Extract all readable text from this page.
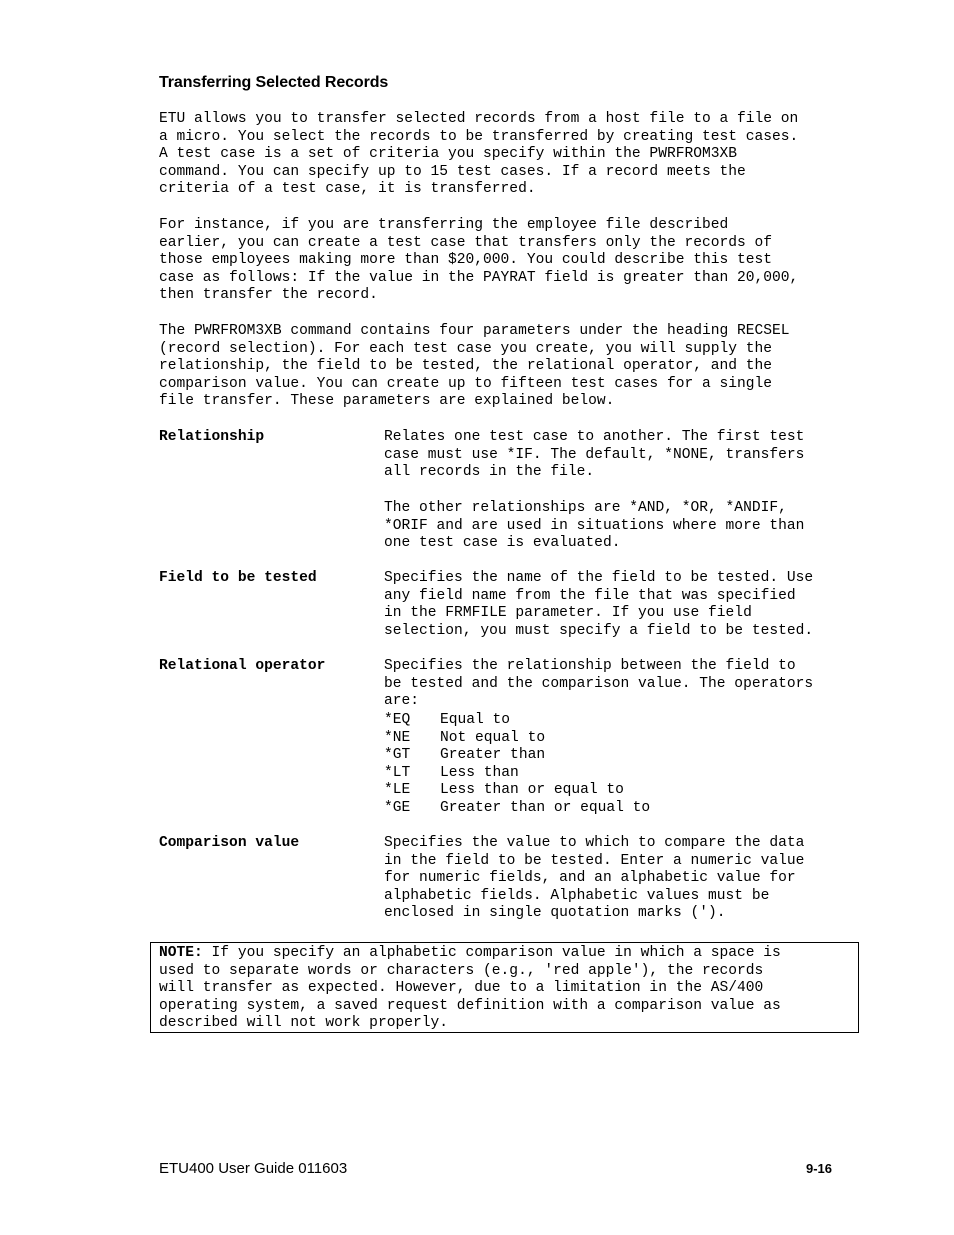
Transferring Selected Records

ETU allows you to transfer selected records from a host file to a file on
a micro. You select the records to be transferred by creating test cases.
A test case is a set of criteria you specify within the PWRFROM3XB
command. You can specify up to 15 test cases. If a record meets the
criteria of a test case, it is transferred.

For instance, if you are transferring the employee file described
earlier, you can create a test case that transfers only the records of
those employees making more than $20,000. You could describe this test
case as follows: If the value in the PAYRAT field is greater than 20,000,
then transfer the record.

The PWRFROM3XB command contains four parameters under the heading RECSEL
(record selection). For each test case you create, you will supply the
relationship, the field to be tested, the relational operator, and the
comparison value. You can create up to fifteen test cases for a single
file transfer. These parameters are explained below.

Relationship	Relates one test case to another. The first test
case must use *IF. The default, *NONE, transfers
all records in the file.

The other relationships are *AND, *OR, *ANDIF,
*ORIF and are used in situations where more than
one test case is evaluated.

Field to be tested	Specifies the name of the field to be tested. Use
any field name from the file that was specified
in the FRMFILE parameter. If you use field
selection, you must specify a field to be tested.

Relational operator	Specifies the relationship between the field to
be tested and the comparison value. The operators
are:

*EQ Equal to
*NE Not equal to
*GT Greater than
*LT Less than
*LE Less than or equal to
*GE Greater than or equal to
Comparison value	Specifies the value to which to compare the data
in the field to be tested. Enter a numeric value
for numeric fields, and an alphabetic value for
alphabetic fields. Alphabetic values must be
enclosed in single quotation marks (').

NOTE: If you specify an alphabetic comparison value in which a space is
used to separate words or characters (e.g., 'red apple'), the records
will transfer as expected. However, due to a limitation in the AS/400
operating system, a saved request definition with a comparison value as
described will not work properly.

ETU400 User Guide 011603	9-16
